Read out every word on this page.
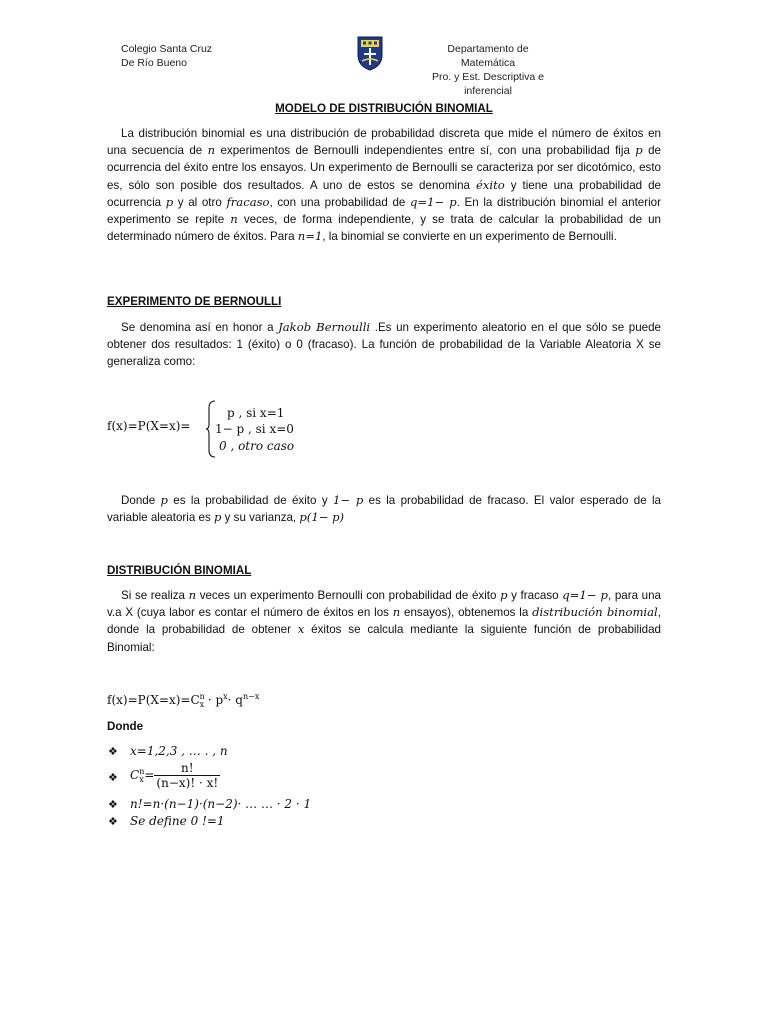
Colegio Santa Cruz
De Río Bueno
Departamento de Matemática
Pro. y Est. Descriptiva e inferencial
MODELO DE DISTRIBUCIÓN BINOMIAL

La distribución binomial es una distribución de probabilidad discreta que mide el número de éxitos en una secuencia de n experimentos de Bernoulli independientes entre sí, con una probabilidad fija p de ocurrencia del éxito entre los ensayos. Un experimento de Bernoulli se caracteriza por ser dicotómico, esto es, sólo son posible dos resultados. A uno de estos se denomina éxito y tiene una probabilidad de ocurrencia p y al otro fracaso, con una probabilidad de q=1− p. En la distribución binomial el anterior experimento se repite n veces, de forma independiente, y se trata de calcular la probabilidad de un determinado número de éxitos. Para n=1, la binomial se convierte en un experimento de Bernoulli.

EXPERIMENTO DE BERNOULLI

Se denomina así en honor a Jakob Bernoulli .Es un experimento aleatorio en el que sólo se puede obtener dos resultados: 1 (éxito) o 0 (fracaso). La función de probabilidad de la Variable Aleatoria X se generaliza como:

f(x)=P(X=x)=
p , si x=1
1− p , si x=0
0 , otro caso

Donde p es la probabilidad de éxito y 1− p es la probabilidad de fracaso. El valor esperado de la variable aleatoria es p y su varianza, p(1− p)

DISTRIBUCIÓN BINOMIAL

Si se realiza n veces un experimento Bernoulli con probabilidad de éxito p y fracaso q=1− p, para una v.a X (cuya labor es contar el número de éxitos en los n ensayos), obtenemos la distribución binomial, donde la probabilidad de obtener x éxitos se calcula mediante la siguiente función de probabilidad Binomial:

f(x)=P(X=x)=C n
$x \cdot p^x\cdot q^{n-x}$
Donde
❖ x=1,2,3 , … . , n
❖ C n
$x = \frac{n!}{(n-x)! \cdot x!}$
❖ n!=n·(n−1)·(n−2)· … … · 2 · 1
❖ Se define 0 !=1
